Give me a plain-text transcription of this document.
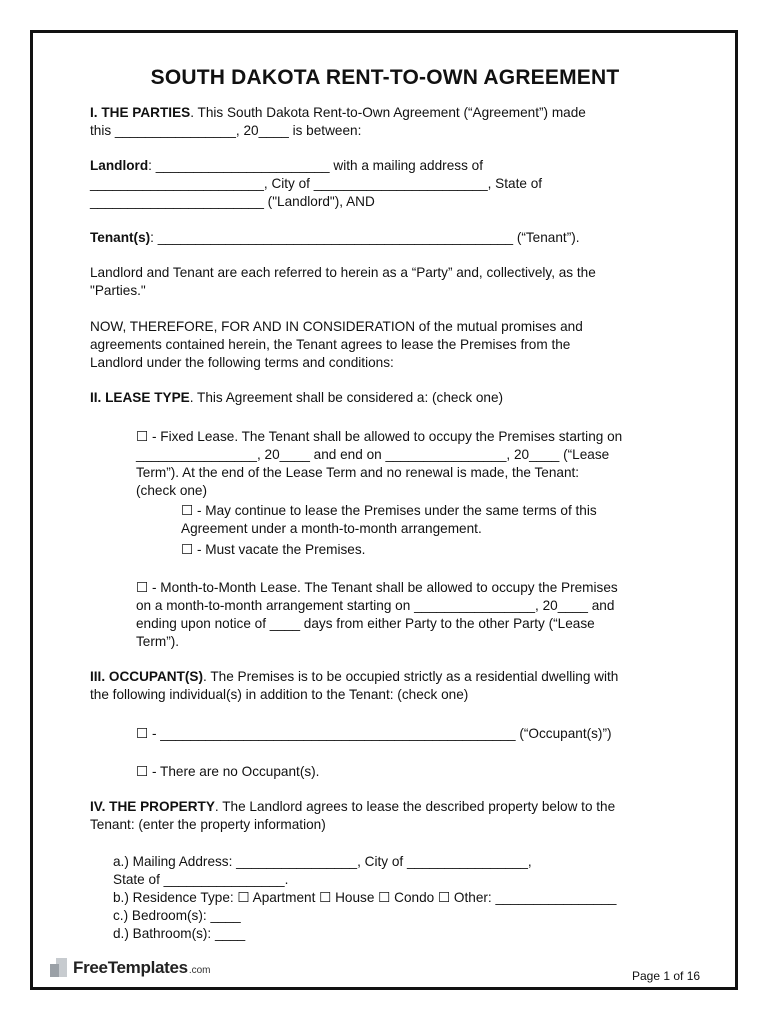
SOUTH DAKOTA RENT-TO-OWN AGREEMENT
I. THE PARTIES. This South Dakota Rent-to-Own Agreement (“Agreement”) made
this ________________, 20____ is between:
Landlord: _______________________ with a mailing address of
_______________________, City of _______________________, State of
_______________________ ("Landlord"), AND
Tenant(s): _______________________________________________ (“Tenant”).
Landlord and Tenant are each referred to herein as a “Party” and, collectively, as the
"Parties."
NOW, THEREFORE, FOR AND IN CONSIDERATION of the mutual promises and
agreements contained herein, the Tenant agrees to lease the Premises from the
Landlord under the following terms and conditions:
II. LEASE TYPE. This Agreement shall be considered a: (check one)
☐ - Fixed Lease. The Tenant shall be allowed to occupy the Premises starting on
________________, 20____ and end on ________________, 20____ (“Lease
Term”). At the end of the Lease Term and no renewal is made, the Tenant:
(check one)
☐ - May continue to lease the Premises under the same terms of this
Agreement under a month-to-month arrangement.
☐ - Must vacate the Premises.
☐ - Month-to-Month Lease. The Tenant shall be allowed to occupy the Premises
on a month-to-month arrangement starting on ________________, 20____ and
ending upon notice of ____ days from either Party to the other Party (“Lease
Term”).
III. OCCUPANT(S). The Premises is to be occupied strictly as a residential dwelling with
the following individual(s) in addition to the Tenant: (check one)
☐ - _______________________________________________ (“Occupant(s)”)
☐ - There are no Occupant(s).
IV. THE PROPERTY. The Landlord agrees to lease the described property below to the
Tenant: (enter the property information)
a.) Mailing Address: ________________, City of ________________,
State of ________________.
b.) Residence Type: ☐ Apartment ☐ House ☐ Condo ☐ Other: ________________
c.) Bedroom(s): ____
d.) Bathroom(s): ____
FreeTemplates .com	Page 1 of 16
